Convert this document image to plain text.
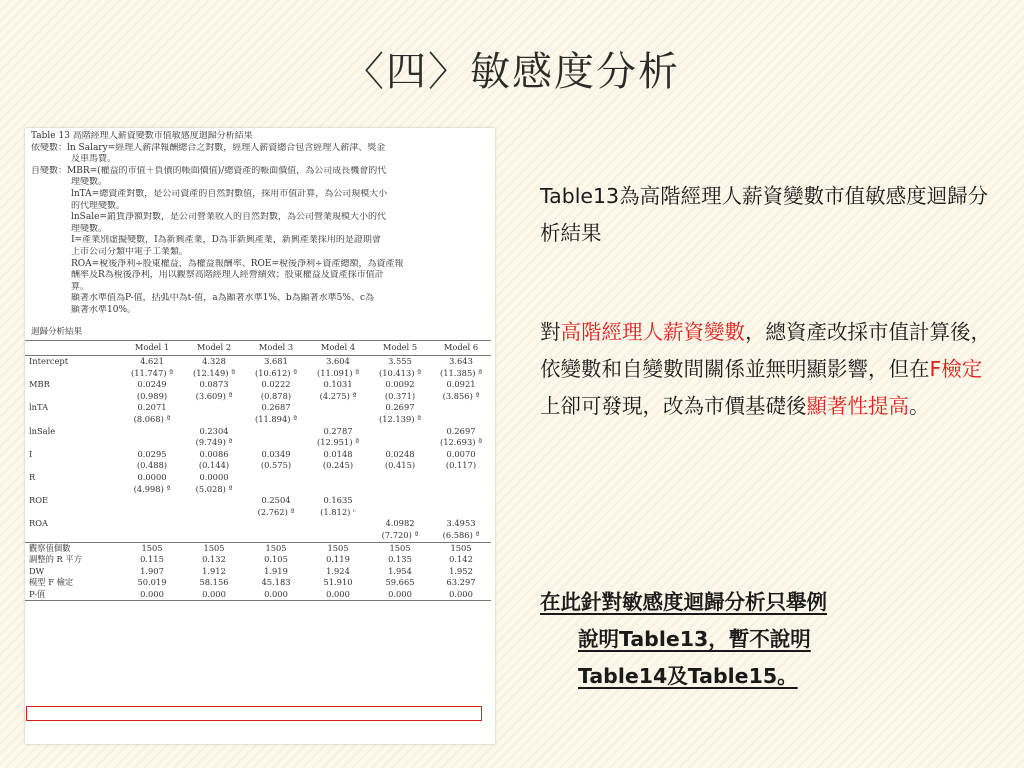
〈四〉敏感度分析
Table 13 高階經理人薪資變數市值敏感度迴歸分析結果
依變數：ln Salary=經理人薪津報酬總合之對數，經理人薪資總合包含經理人薪津、獎金
及車馬費。
自變數：MBR=(權益的市值＋負債的帳面價值)/總資產的帳面價值，為公司成長機會的代
理變數。
lnTA=總資產對數，是公司資產的自然對數值，採用市值計算，為公司規模大小
的代理變數。
lnSale=銷貨淨額對數，是公司營業收入的自然對數，為公司營業規模大小的代
理變數。
I=產業別虛擬變數，I為新興產業，D為非新興產業，新興產業採用的是證期會
上市公司分類中電子工業類。
ROA=稅後淨利÷股東權益，為權益報酬率、ROE=稅後淨利÷資產總額，為資產報
酬率及R為稅後淨利，用以觀察高階經理人經營績效；股東權益及資產採市值計
算。
顯著水準值為P-值，括弧中為t-值，a為顯著水準1%、b為顯著水準5%、c為
顯著水準10%。
迴歸分析結果
	Model 1	Model 2	Model 3	Model 4	Model 5	Model 6
Intercept	4.621	4.328	3.681	3.604	3.555	3.643
	(11.747) ª	(12.149) ª	(10.612) ª	(11.091) ª	(10.413) ª	(11.385) ª
MBR	0.0249	0.0873	0.0222	0.1031	0.0092	0.0921
	(0.989)	(3.609) ª	(0.878)	(4.275) ª	(0.371)	(3.856) ª
lnTA	0.2071		0.2687		0.2697	
	(8.068) ª		(11.894) ª		(12.139) ª	
lnSale		0.2304		0.2787		0.2697
		(9.749) ª		(12.951) ª		(12.693) ª
I	0.0295	0.0086	0.0349	0.0148	0.0248	0.0070
	(0.488)	(0.144)	(0.575)	(0.245)	(0.415)	(0.117)
R	0.0000	0.0000				
	(4.998) ª	(5.028) ª				
ROE			0.2504	0.1635		
			(2.762) ª	(1.812) ᶜ		
ROA					4.0982	3.4953
					(7.720) ª	(6.586) ª
觀察值個數	1505	1505	1505	1505	1505	1505
調整的 R 平方	0.115	0.132	0.105	0.119	0.135	0.142
DW	1.907	1.912	1.919	1.924	1.954	1.952
模型 F 檢定	50.019	58.156	45.183	51.910	59.665	63.297
P-值	0.000	0.000	0.000	0.000	0.000	0.000
Table13為高階經理人薪資變數市值敏感度迴歸分析結果
對高階經理人薪資變數，總資產改採市值計算後，依變數和自變數間關係並無明顯影響，但在F檢定上卻可發現，改為市價基礎後顯著性提高。
在此針對敏感度迴歸分析只舉例
說明Table13，暫不說明
Table14及Table15。
